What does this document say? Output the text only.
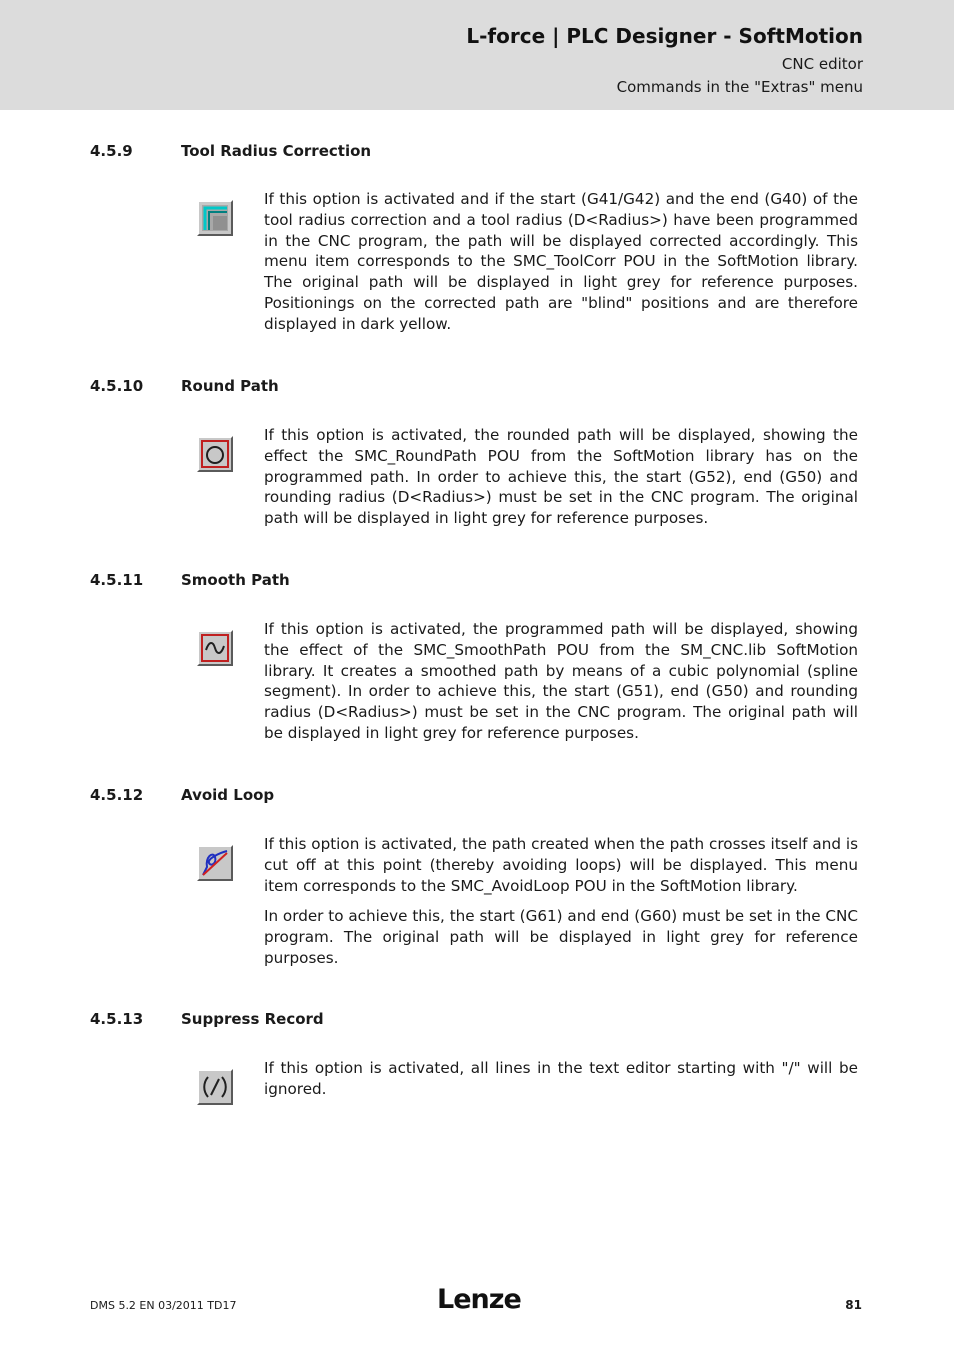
L-force | PLC Designer - SoftMotion
CNC editor
Commands in the "Extras" menu
4.5.9	Tool Radius Correction

If this option is activated and if the start (G41/G42) and the end (G40) of the tool radius correction and a tool radius (D<Radius>) have been programmed in the CNC program, the path will be displayed corrected accordingly. This menu item corresponds to the SMC_ToolCorr POU in the SoftMotion library. The original path will be displayed in light grey for reference purposes. Positionings on the corrected path are "blind" positions and are therefore displayed in dark yellow.

4.5.10	Round Path

If this option is activated, the rounded path will be displayed, showing the effect the SMC_RoundPath POU from the SoftMotion library has on the programmed path. In order to achieve this, the start (G52), end (G50) and rounding radius (D<Radius>) must be set in the CNC program. The original path will be displayed in light grey for reference purposes.

4.5.11	Smooth Path

If this option is activated, the programmed path will be displayed, showing the effect of the SMC_SmoothPath POU from the SM_CNC.lib SoftMotion library. It creates a smoothed path by means of a cubic polynomial (spline segment). In order to achieve this, the start (G51), end (G50) and rounding radius (D<Radius>) must be set in the CNC program. The original path will be displayed in light grey for reference purposes.

4.5.12	Avoid Loop

If this option is activated, the path created when the path crosses itself and is cut off at this point (thereby avoiding loops) will be displayed. This menu item corresponds to the SMC_AvoidLoop POU in the SoftMotion library.

In order to achieve this, the start (G61) and end (G60) must be set in the CNC program. The original path will be displayed in light grey for reference purposes.

4.5.13	Suppress Record

If this option is activated, all lines in the text editor starting with "/" will be ignored.

DMS 5.2 EN 03/2011 TD17	Lenze	81
